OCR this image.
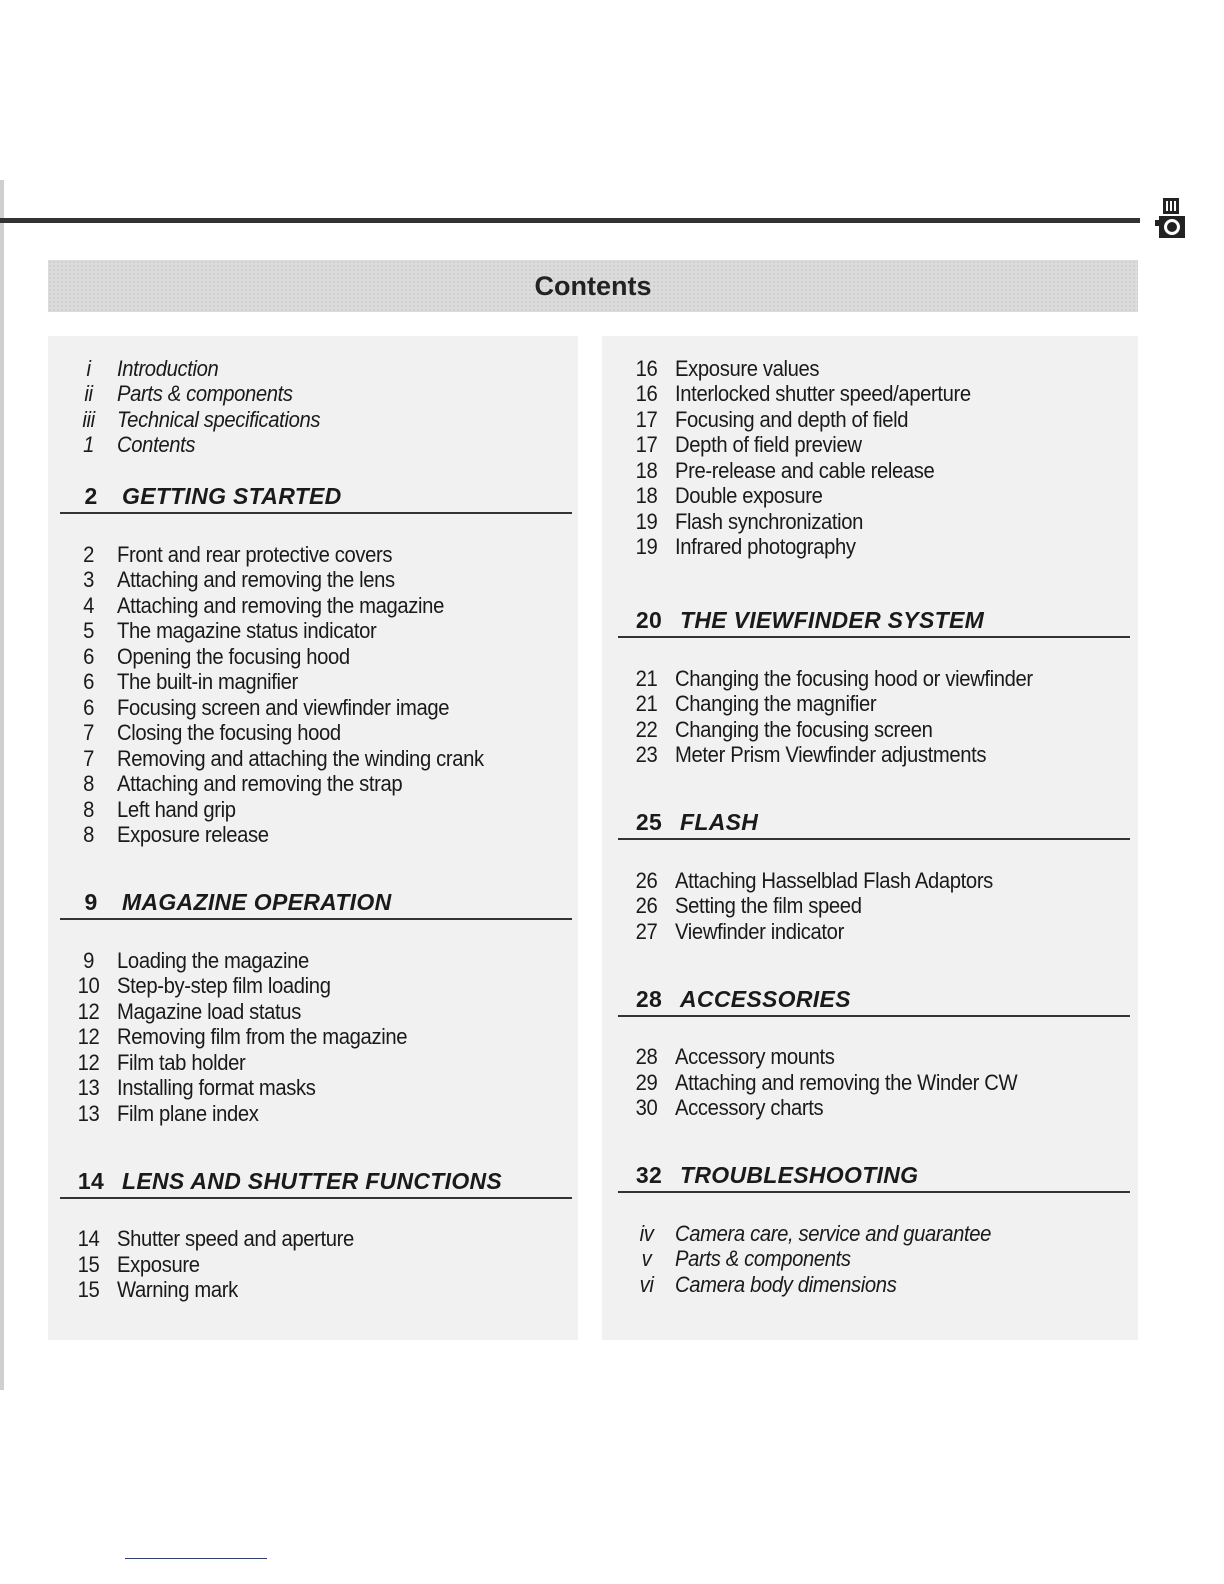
Contents
i	Introduction
ii	Parts & components
iii	Technical specifications
1	Contents
2	GETTING STARTED
2	Front and rear protective covers
3	Attaching and removing the lens
4	Attaching and removing the magazine
5	The magazine status indicator
6	Opening the focusing hood
6	The built-in magnifier
6	Focusing screen and viewfinder image
7	Closing the focusing hood
7	Removing and attaching the winding crank
8	Attaching and removing the strap
8	Left hand grip
8	Exposure release
9	MAGAZINE OPERATION
9	Loading the magazine
10 Step-by-step film loading
12 Magazine load status
12 Removing film from the magazine
12 Film tab holder
13 Installing format masks
13 Film plane index
14 LENS AND SHUTTER FUNCTIONS
14 Shutter speed and aperture
15 Exposure
15 Warning mark
16 Exposure values
16 Interlocked shutter speed/aperture
17 Focusing and depth of field
17 Depth of field preview
18 Pre-release and cable release
18 Double exposure
19 Flash synchronization
19 Infrared photography
20 THE VIEWFINDER SYSTEM
21 Changing the focusing hood or viewfinder
21 Changing the magnifier
22 Changing the focusing screen
23 Meter Prism Viewfinder adjustments
25 FLASH
26 Attaching Hasselblad Flash Adaptors
26 Setting the film speed
27 Viewfinder indicator
28 ACCESSORIES
28 Accessory mounts
29 Attaching and removing the Winder CW
30 Accessory charts
32 TROUBLESHOOTING
iv Camera care, service and guarantee
v	Parts & components
vi Camera body dimensions
